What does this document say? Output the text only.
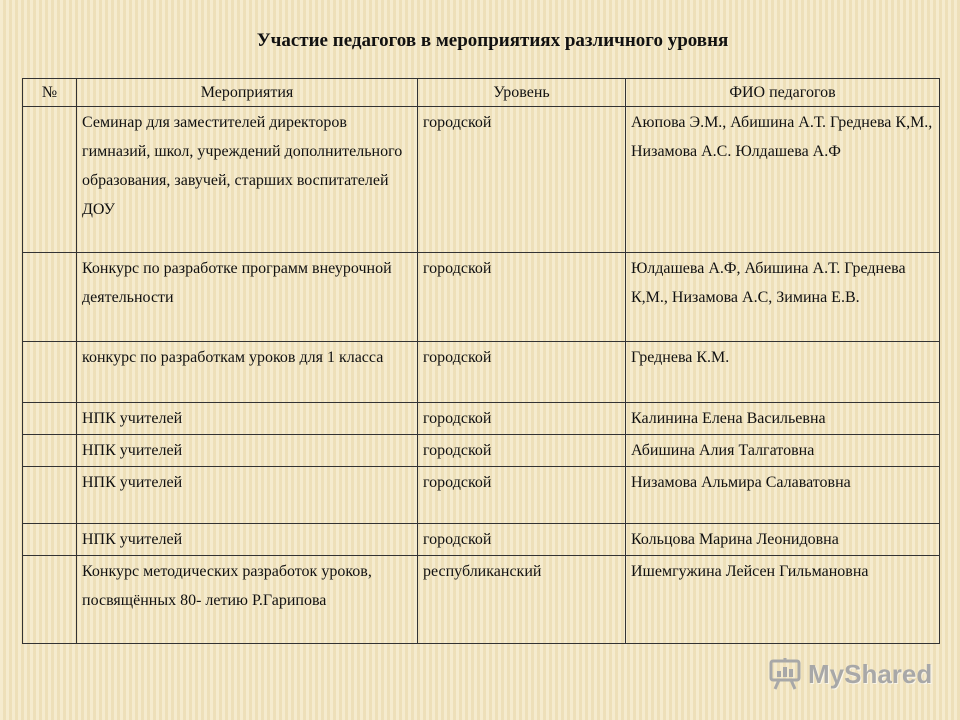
Участие педагогов в мероприятиях различного уровня
№	Мероприятия	Уровень	ФИО педагогов
	Семинар для заместителей директоров гимназий, школ, учреждений дополнительного образования, завучей, старших воспитателей ДОУ	городской	Аюпова Э.М., Абишина А.Т. Греднева К,М., Низамова А.С. Юлдашева А.Ф
	Конкурс по разработке программ внеурочной деятельности	городской	Юлдашева А.Ф, Абишина А.Т. Греднева К,М., Низамова А.С, Зимина Е.В.
	конкурс по разработкам уроков для 1 класса	городской	Греднева К.М.
	НПК учителей	городской	Калинина Елена Васильевна
	НПК учителей	городской	Абишина Алия Талгатовна
	НПК учителей	городской	Низамова Альмира Салаватовна
	НПК учителей	городской	Кольцова Марина Леонидовна
	Конкурс методических разработок уроков, посвящённых 80- летию Р.Гарипова	республиканский	Ишемгужина Лейсен Гильмановна
MyShared
